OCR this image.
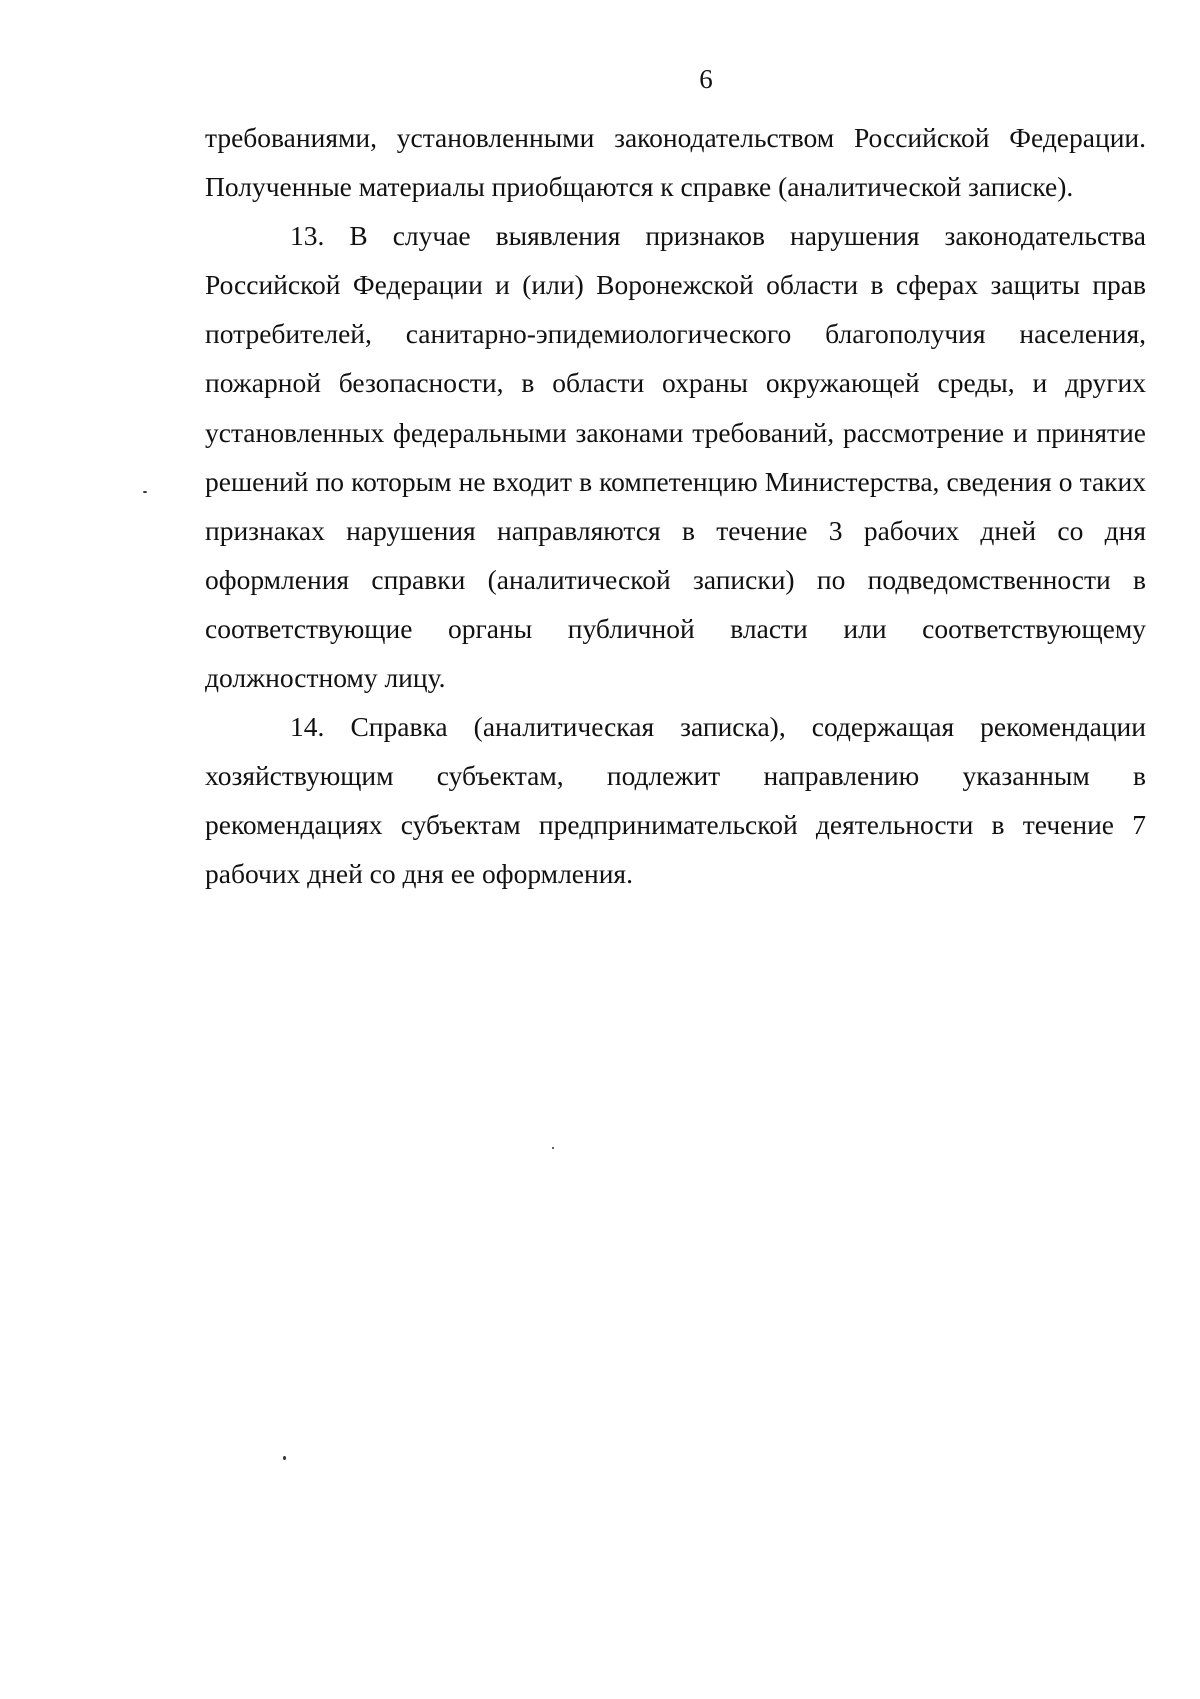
6

требованиями, установленными законодательством Российской Федерации. Полученные материалы приобщаются к справке (аналитической записке).

13. В случае выявления признаков нарушения законодательства Российской Федерации и (или) Воронежской области в сферах защиты прав потребителей, санитарно-эпидемиологического благополучия населения, пожарной безопасности, в области охраны окружающей среды, и других установленных федеральными законами требований, рассмотрение и принятие решений по которым не входит в компетенцию Министерства, сведения о таких признаках нарушения направляются в течение 3 рабочих дней со дня оформления справки (аналитической записки) по подведомственности в соответствующие органы публичной власти или соответствующему должностному лицу.

14. Справка (аналитическая записка), содержащая рекомендации хозяйствующим субъектам, подлежит направлению указанным в рекомендациях субъектам предпринимательской деятельности в течение 7 рабочих дней со дня ее оформления.
